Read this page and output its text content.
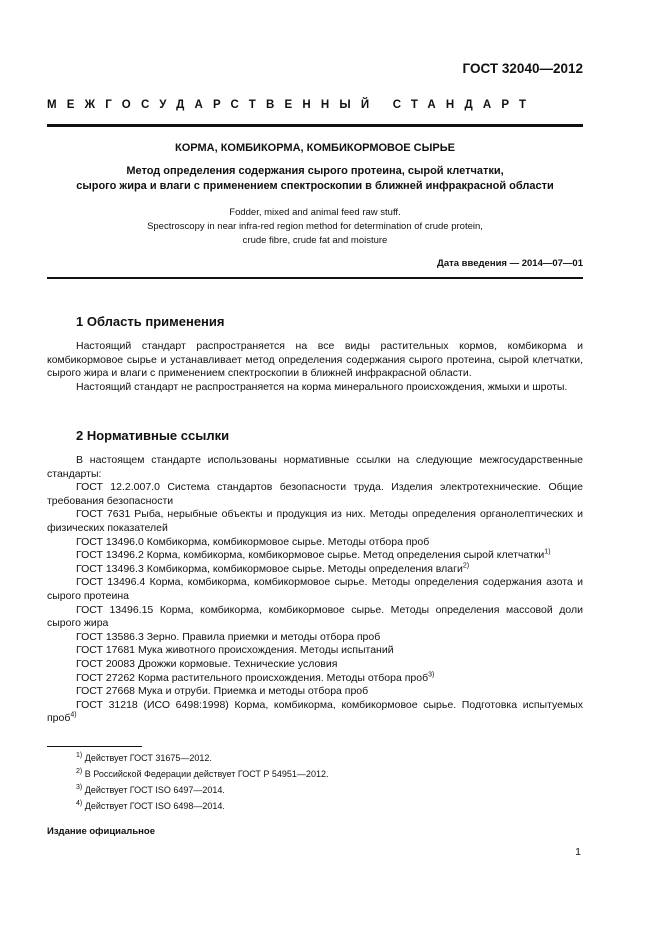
ГОСТ 32040—2012
МЕЖГОСУДАРСТВЕННЫЙ СТАНДАРТ
КОРМА, КОМБИКОРМА, КОМБИКОРМОВОЕ СЫРЬЕ
Метод определения содержания сырого протеина, сырой клетчатки,
сырого жира и влаги с применением спектроскопии в ближней инфракрасной области
Fodder, mixed and animal feed raw stuff.
Spectroscopy in near infra-red region method for determination of crude protein,
crude fibre, crude fat and moisture
Дата введения — 2014—07—01
1 Область применения

Настоящий стандарт распространяется на все виды растительных кормов, комбикорма и комбикормовое сырье и устанавливает метод определения содержания сырого протеина, сырой клетчатки, сырого жира и влаги с применением спектроскопии в ближней инфракрасной области.

Настоящий стандарт не распространяется на корма минерального происхождения, жмыхи и шроты.

2 Нормативные ссылки

В настоящем стандарте использованы нормативные ссылки на следующие межгосударственные стандарты:

ГОСТ 12.2.007.0 Система стандартов безопасности труда. Изделия электротехнические. Общие требования безопасности

ГОСТ 7631 Рыба, нерыбные объекты и продукция из них. Методы определения органолептических и физических показателей

ГОСТ 13496.0 Комбикорма, комбикормовое сырье. Методы отбора проб

ГОСТ 13496.2 Корма, комбикорма, комбикормовое сырье. Метод определения сырой клетчатки$^{1)}$

ГОСТ 13496.3 Комбикорма, комбикормовое сырье. Методы определения влаги$^{2)}$

ГОСТ 13496.4 Корма, комбикорма, комбикормовое сырье. Методы определения содержания азота и сырого протеина

ГОСТ 13496.15 Корма, комбикорма, комбикормовое сырье. Методы определения массовой доли сырого жира

ГОСТ 13586.3 Зерно. Правила приемки и методы отбора проб

ГОСТ 17681 Мука животного происхождения. Методы испытаний

ГОСТ 20083 Дрожжи кормовые. Технические условия

ГОСТ 27262 Корма растительного происхождения. Методы отбора проб$^{3)}$

ГОСТ 27668 Мука и отруби. Приемка и методы отбора проб

ГОСТ 31218 (ИСО 6498:1998) Корма, комбикорма, комбикормовое сырье. Подготовка испытуемых проб$^{4)}$

$^{1)}$ Действует ГОСТ 31675—2012.
$^{2)}$ В Российской Федерации действует ГОСТ Р 54951—2012.
$^{3)}$ Действует ГОСТ ISO 6497—2014.
$^{4)}$ Действует ГОСТ ISO 6498—2014.
Издание официальное
1
